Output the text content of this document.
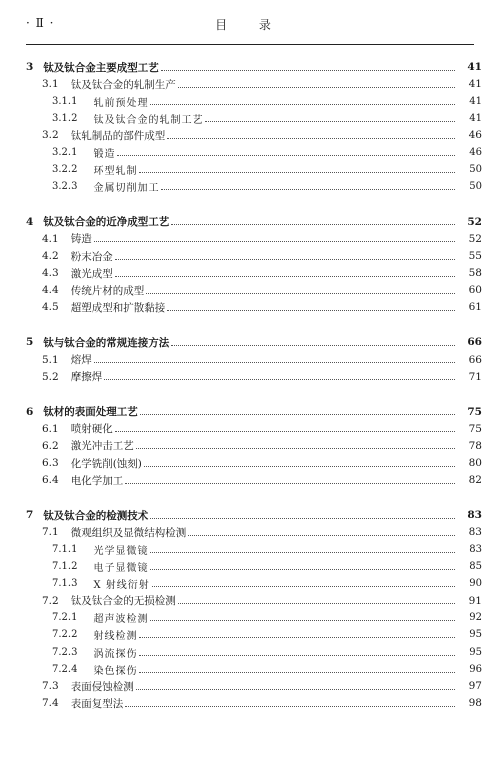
· Ⅱ ·	目 录
3 钛及钛合金主要成型工艺	41
3.1 钛及钛合金的轧制生产	41
3.1.1 轧前预处理	41
3.1.2 钛及钛合金的轧制工艺	41
3.2 钛轧制品的部件成型	46
3.2.1 锻造	46
3.2.2 环型轧制	50
3.2.3 金属切削加工	50
4 钛及钛合金的近净成型工艺	52
4.1 铸造	52
4.2 粉末冶金	55
4.3 激光成型	58
4.4 传统片材的成型	60
4.5 超塑成型和扩散黏接	61
5 钛与钛合金的常规连接方法	66
5.1 熔焊	66
5.2 摩擦焊	71
6 钛材的表面处理工艺	75
6.1 喷射硬化	75
6.2 激光冲击工艺	78
6.3 化学铣削(蚀刻)	80
6.4 电化学加工	82
7 钛及钛合金的检测技术	83
7.1 微观组织及显微结构检测	83
7.1.1 光学显微镜	83
7.1.2 电子显微镜	85
7.1.3 X 射线衍射	90
7.2 钛及钛合金的无损检测	91
7.2.1 超声波检测	92
7.2.2 射线检测	95
7.2.3 涡流探伤	95
7.2.4 染色探伤	96
7.3 表面侵蚀检测	97
7.4 表面复型法	98
